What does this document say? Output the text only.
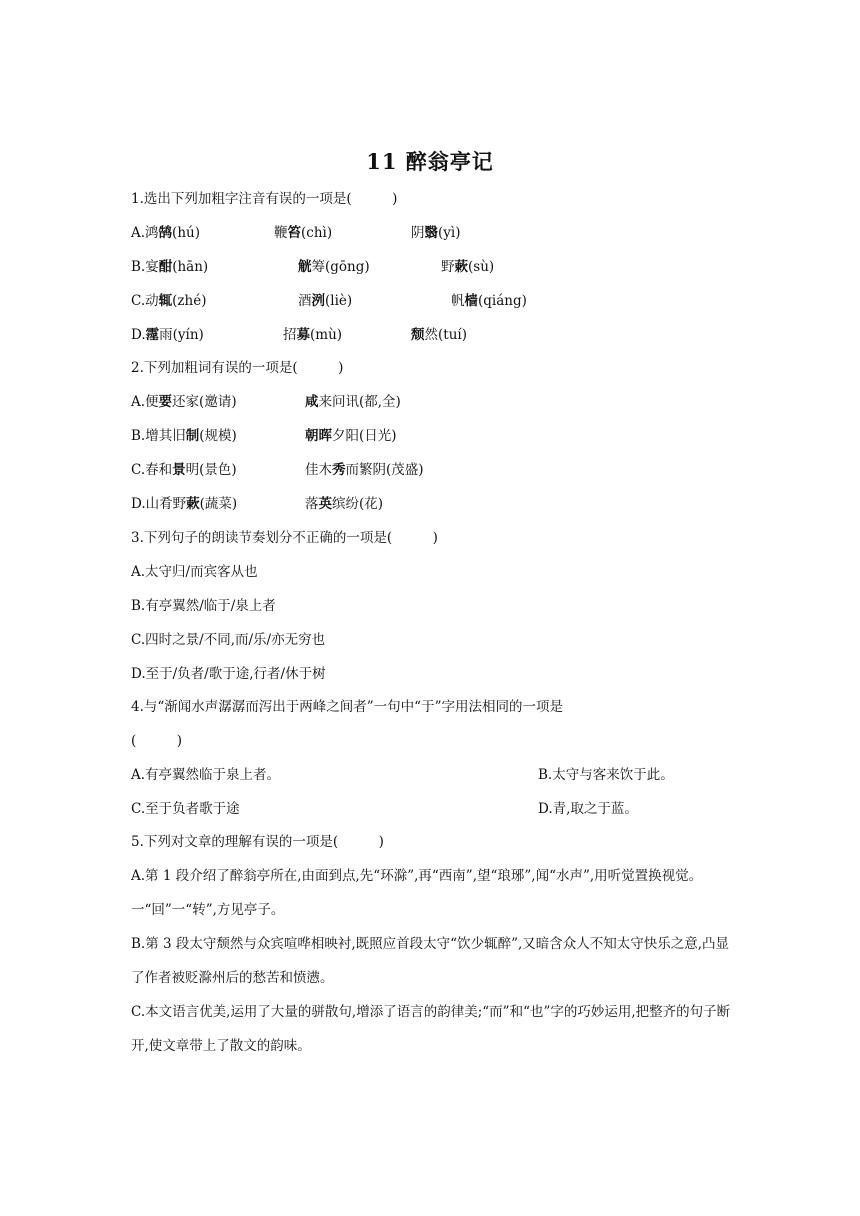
11 醉翁亭记
1.选出下列加粗字注音有误的一项是(　　　)
A.鸿鹄(hú)	鞭笞(chì)	阴翳(yì)
B.宴酣(hān)	觥筹(gōng)	野蔌(sù)
C.动辄(zhé)	酒洌(liè)	帆樯(qiáng)
D.霪雨(yín)	招募(mù)	颓然(tuí)
2.下列加粗词有误的一项是(　　　)
A.便要还家(邀请)	咸来问讯(都,全)
B.增其旧制(规模)	朝晖夕阳(日光)
C.春和景明(景色)	佳木秀而繁阴(茂盛)
D.山肴野蔌(蔬菜)	落英缤纷(花)
3.下列句子的朗读节奏划分不正确的一项是(　　　)
A.太守归/而宾客从也
B.有亭翼然/临于/泉上者
C.四时之景/不同,而/乐/亦无穷也
D.至于/负者/歌于途,行者/休于树
4.与“渐闻水声潺潺而泻出于两峰之间者”一句中“于”字用法相同的一项是
(　　　)
A.有亭翼然临于泉上者。	B.太守与客来饮于此。
C.至于负者歌于途	D.青,取之于蓝。
5.下列对文章的理解有误的一项是(　　　)
A.第 1 段介绍了醉翁亭所在,由面到点,先“环滁”,再“西南”,望“琅琊”,闻“水声”,用听觉置换视觉。一“回”一“转”,方见亭子。
B.第 3 段太守颓然与众宾喧哗相映衬,既照应首段太守“饮少辄醉”,又暗含众人不知太守快乐之意,凸显了作者被贬滁州后的愁苦和愤懑。
C.本文语言优美,运用了大量的骈散句,增添了语言的韵律美;“而”和“也”字的巧妙运用,把整齐的句子断开,使文章带上了散文的韵味。
